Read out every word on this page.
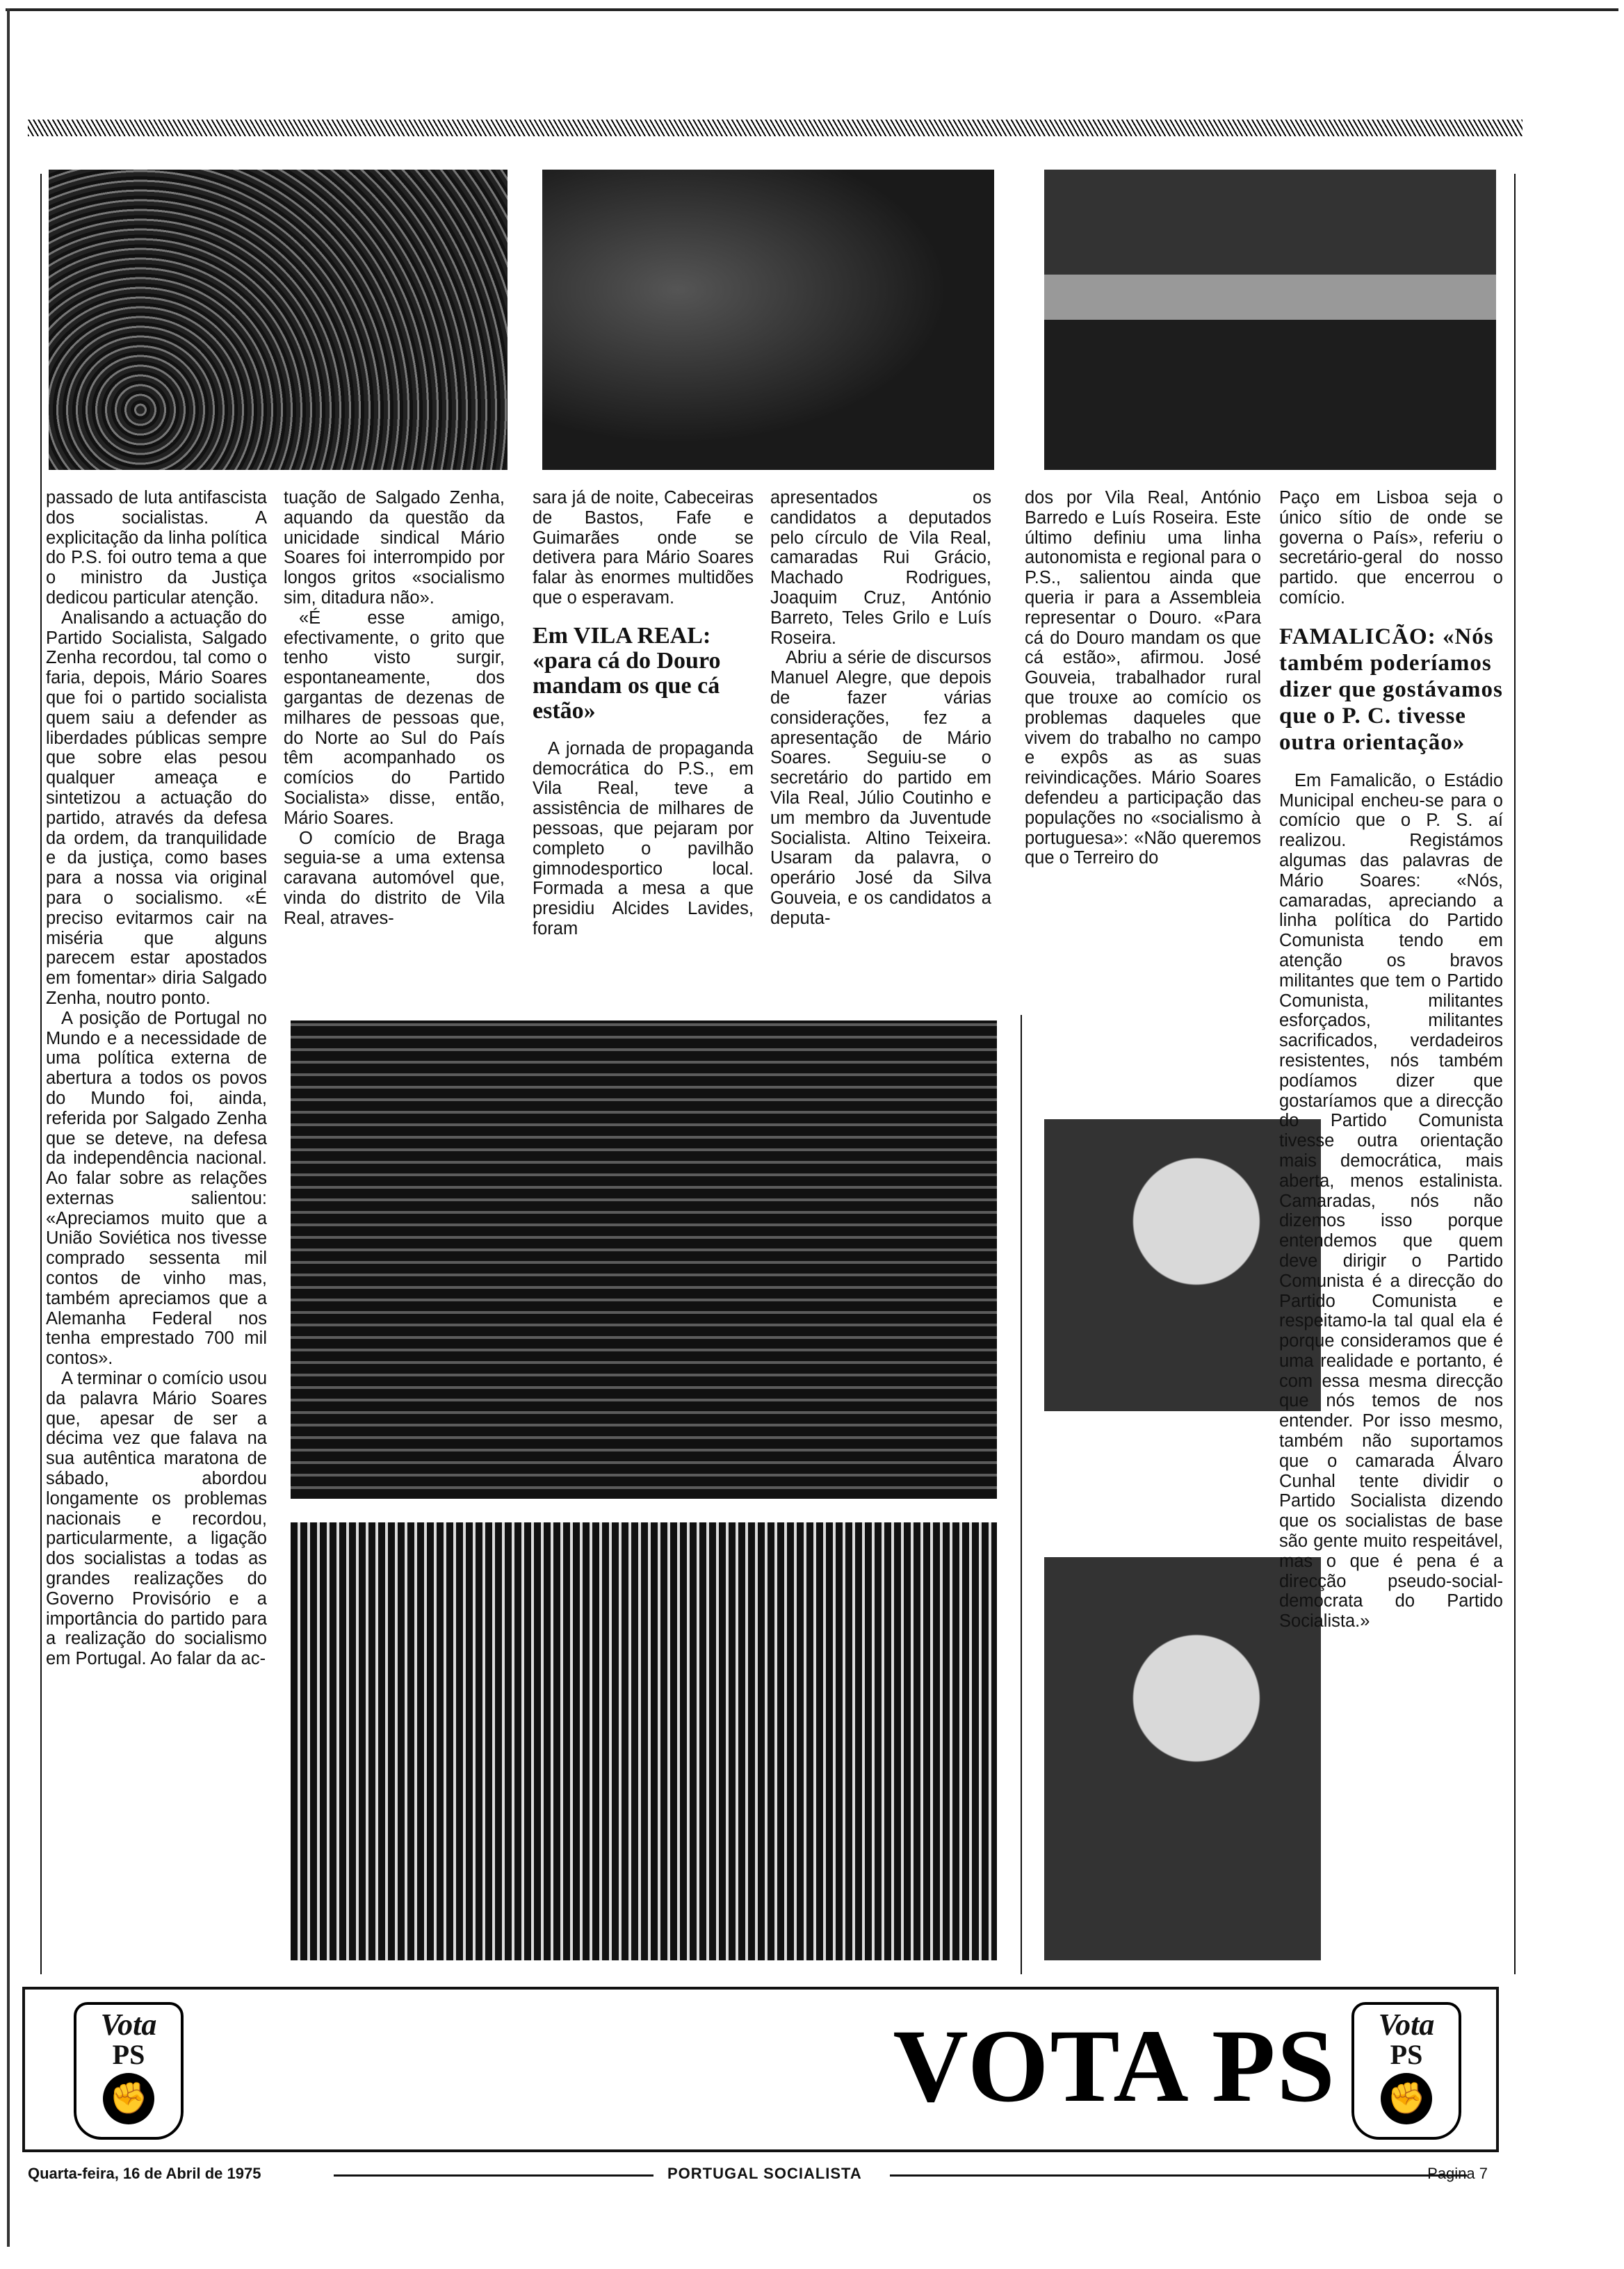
passado de luta antifascista dos socialistas. A explicitação da linha política do P.S. foi outro tema a que o ministro da Justiça dedicou particular atenção.

Analisando a actuação do Partido Socialista, Salgado Zenha recordou, tal como o faria, depois, Mário Soares que foi o partido socialista quem saiu a defender as liberdades públicas sempre que sobre elas pesou qualquer ameaça e sintetizou a actuação do partido, através da defesa da ordem, da tranquilidade e da justiça, como bases para a nossa via original para o socialismo. «É preciso evitarmos cair na miséria que alguns parecem estar apostados em fomentar» diria Salgado Zenha, noutro ponto.

A posição de Portugal no Mundo e a necessidade de uma política externa de abertura a todos os povos do Mundo foi, ainda, referida por Salgado Zenha que se deteve, na defesa da independência nacional. Ao falar sobre as relações externas salientou: «Apreciamos muito que a União Soviética nos tivesse comprado sessenta mil contos de vinho mas, também apreciamos que a Alemanha Federal nos tenha emprestado 700 mil contos».

A terminar o comício usou da palavra Mário Soares que, apesar de ser a décima vez que falava na sua autêntica maratona de sábado, abordou longamente os problemas nacionais e recordou, particularmente, a ligação dos socialistas a todas as grandes realizações do Governo Provisório e a importância do partido para a realização do socialismo em Portugal. Ao falar da ac-

tuação de Salgado Zenha, aquando da questão da unicidade sindical Mário Soares foi interrompido por longos gritos «socialismo sim, ditadura não».

«É esse amigo, efectivamente, o grito que tenho visto surgir, espontaneamente, dos gargantas de dezenas de milhares de pessoas que, do Norte ao Sul do País têm acompanhado os comícios do Partido Socialista» disse, então, Mário Soares.

O comício de Braga seguia-se a uma extensa caravana automóvel que, vinda do distrito de Vila Real, atraves-

sara já de noite, Cabeceiras de Bastos, Fafe e Guimarães onde se detivera para Mário Soares falar às enormes multidões que o esperavam.

Em VILA REAL: «para cá do Douro mandam os que cá estão»

A jornada de propaganda democrática do P.S., em Vila Real, teve a assistência de milhares de pessoas, que pejaram por completo o pavilhão gimnodesportico local. Formada a mesa a que presidiu Alcides Lavides, foram

apresentados os candidatos a deputados pelo círculo de Vila Real, camaradas Rui Grácio, Machado Rodrigues, Joaquim Cruz, António Barreto, Teles Grilo e Luís Roseira.

Abriu a série de discursos Manuel Alegre, que depois de fazer várias considerações, fez a apresentação de Mário Soares. Seguiu-se o secretário do partido em Vila Real, Júlio Coutinho e um membro da Juventude Socialista. Altino Teixeira. Usaram da palavra, o operário José da Silva Gouveia, e os candidatos a deputa-

dos por Vila Real, António Barredo e Luís Roseira. Este último definiu uma linha autonomista e regional para o P.S., salientou ainda que queria ir para a Assembleia representar o Douro. «Para cá do Douro mandam os que cá estão», afirmou. José Gouveia, trabalhador rural que trouxe ao comício os problemas daqueles que vivem do trabalho no campo e expôs as as suas reivindicações. Mário Soares defendeu a participação das populações no «socialismo à portuguesa»: «Não queremos que o Terreiro do

Paço em Lisboa seja o único sítio de onde se governa o País», referiu o secretário-geral do nosso partido. que encerrou o comício.

FAMALICÃO: «Nós também poderíamos dizer que gostávamos que o P. C. tivesse outra orientação»

Em Famalicão, o Estádio Municipal encheu-se para o comício que o P. S. aí realizou. Registámos algumas das palavras de Mário Soares: «Nós, camaradas, apreciando a linha política do Partido Comunista tendo em atenção os bravos militantes que tem o Partido Comunista, militantes esforçados, militantes sacrificados, verdadeiros resistentes, nós também podíamos dizer que gostaríamos que a direcção do Partido Comunista tivesse outra orientação mais democrática, mais aberta, menos estalinista. Camaradas, nós não dizemos isso porque entendemos que quem deve dirigir o Partido Comunista é a direcção do Partido Comunista e respeitamo-la tal qual ela é porque consideramos que é uma realidade e portanto, é com essa mesma direcção que nós temos de nos entender. Por isso mesmo, também não suportamos que o camarada Álvaro Cunhal tente dividir o Partido Socialista dizendo que os socialistas de base são gente muito respeitável, mas o que é pena é a direcção pseudo-social-democrata do Partido Socialista.»

Vota
PS
✊	VOTA PS	Vota
PS
✊
Quarta-feira, 16 de Abril de 1975	PORTUGAL SOCIALISTA	Pagina 7
